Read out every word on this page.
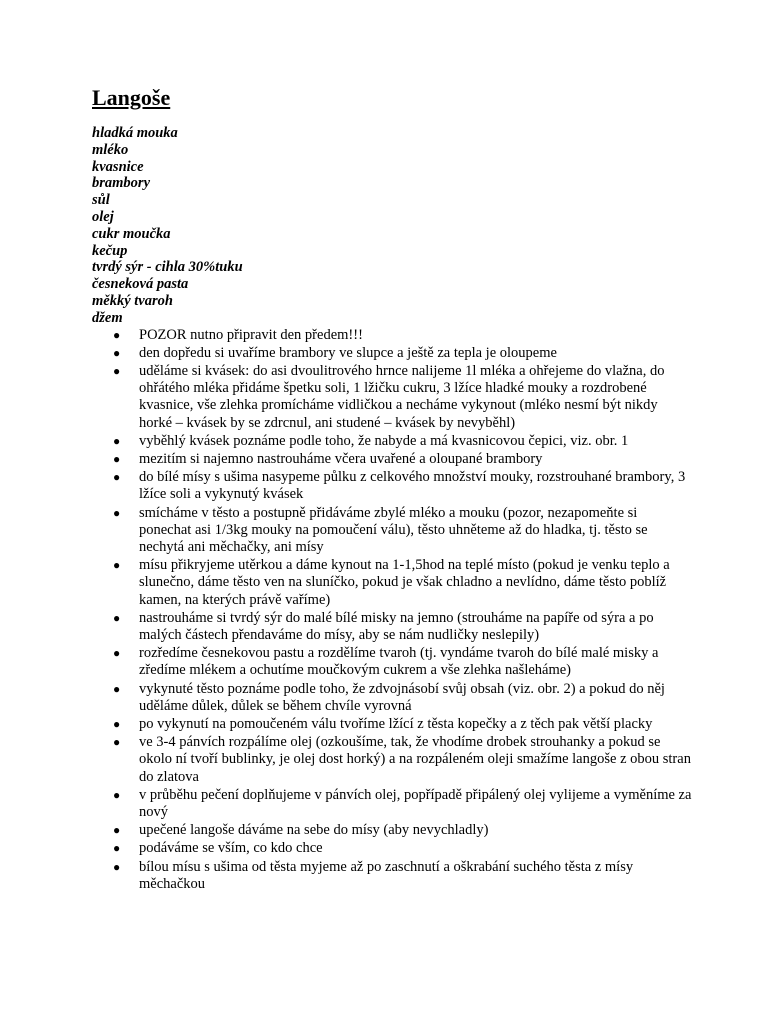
Langoše
hladká mouka
mléko
kvasnice
brambory
sůl
olej
cukr moučka
kečup
tvrdý sýr - cihla 30%tuku
česneková pasta
měkký tvaroh
džem
● POZOR nutno připravit den předem!!!
● den dopředu si uvaříme brambory ve slupce a ještě za tepla je oloupeme
● uděláme si kvásek: do asi dvoulitrového hrnce nalijeme 1l mléka a ohřejeme do vlažna, do ohřátého mléka přidáme špetku soli, 1 lžičku cukru, 3 lžíce hladké mouky a rozdrobené kvasnice, vše zlehka promícháme vidličkou a necháme vykynout (mléko nesmí být nikdy horké – kvásek by se zdrcnul, ani studené – kvásek by nevyběhl)
● vyběhlý kvásek poznáme podle toho, že nabyde a má kvasnicovou čepici, viz. obr. 1
● mezitím si najemno nastrouháme včera uvařené a oloupané brambory
● do bílé mísy s ušima nasypeme půlku z celkového množství mouky, rozstrouhané brambory, 3 lžíce soli a vykynutý kvásek
● smícháme v těsto a postupně přidáváme zbylé mléko a mouku (pozor, nezapomeňte si ponechat asi 1/3kg mouky na pomoučení válu), těsto uhněteme až do hladka, tj. těsto se nechytá ani měchačky, ani mísy
● mísu přikryjeme utěrkou a dáme kynout na 1-1,5hod na teplé místo (pokud je venku teplo a slunečno, dáme těsto ven na sluníčko, pokud je však chladno a nevlídno, dáme těsto poblíž kamen, na kterých právě vaříme)
● nastrouháme si tvrdý sýr do malé bílé misky na jemno (strouháme na papíře od sýra a po malých částech přendaváme do mísy, aby se nám nudličky neslepily)
● rozředíme česnekovou pastu a rozdělíme tvaroh (tj. vyndáme tvaroh do bílé malé misky a zředíme mlékem a ochutíme moučkovým cukrem a vše zlehka našleháme)
● vykynuté těsto poznáme podle toho, že zdvojnásobí svůj obsah (viz. obr. 2) a pokud do něj uděláme důlek, důlek se během chvíle vyrovná
● po vykynutí na pomoučeném válu tvoříme lžící z těsta kopečky a z těch pak větší placky
● ve 3-4 pánvích rozpálíme olej (ozkoušíme, tak, že vhodíme drobek strouhanky a pokud se okolo ní tvoří bublinky, je olej dost horký) a na rozpáleném oleji smažíme langoše z obou stran do zlatova
● v průběhu pečení doplňujeme v pánvích olej, popřípadě připálený olej vylijeme a vyměníme za nový
● upečené langoše dáváme na sebe do mísy (aby nevychladly)
● podáváme se vším, co kdo chce
● bílou mísu s ušima od těsta myjeme až po zaschnutí a oškrabání suchého těsta z mísy měchačkou
